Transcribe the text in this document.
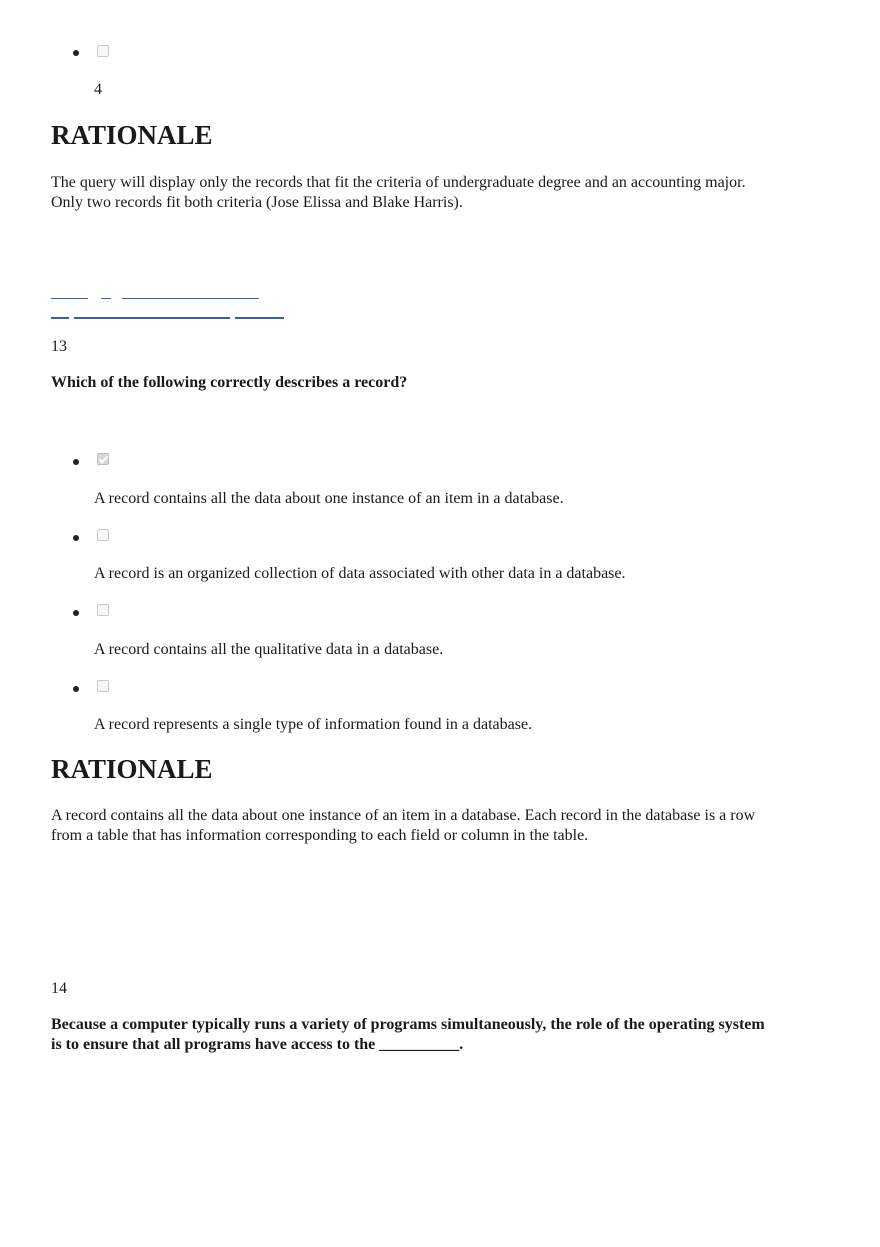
4
RATIONALE
The query will display only the records that fit the criteria of undergraduate degree and an accounting major.
Only two records fit both criteria (Jose Elissa and Blake Harris).
13
Which of the following correctly describes a record?
A record contains all the data about one instance of an item in a database.
A record is an organized collection of data associated with other data in a database.
A record contains all the qualitative data in a database.
A record represents a single type of information found in a database.
RATIONALE
A record contains all the data about one instance of an item in a database. Each record in the database is a row
from a table that has information corresponding to each field or column in the table.
14
Because a computer typically runs a variety of programs simultaneously, the role of the operating system
is to ensure that all programs have access to the __________.
